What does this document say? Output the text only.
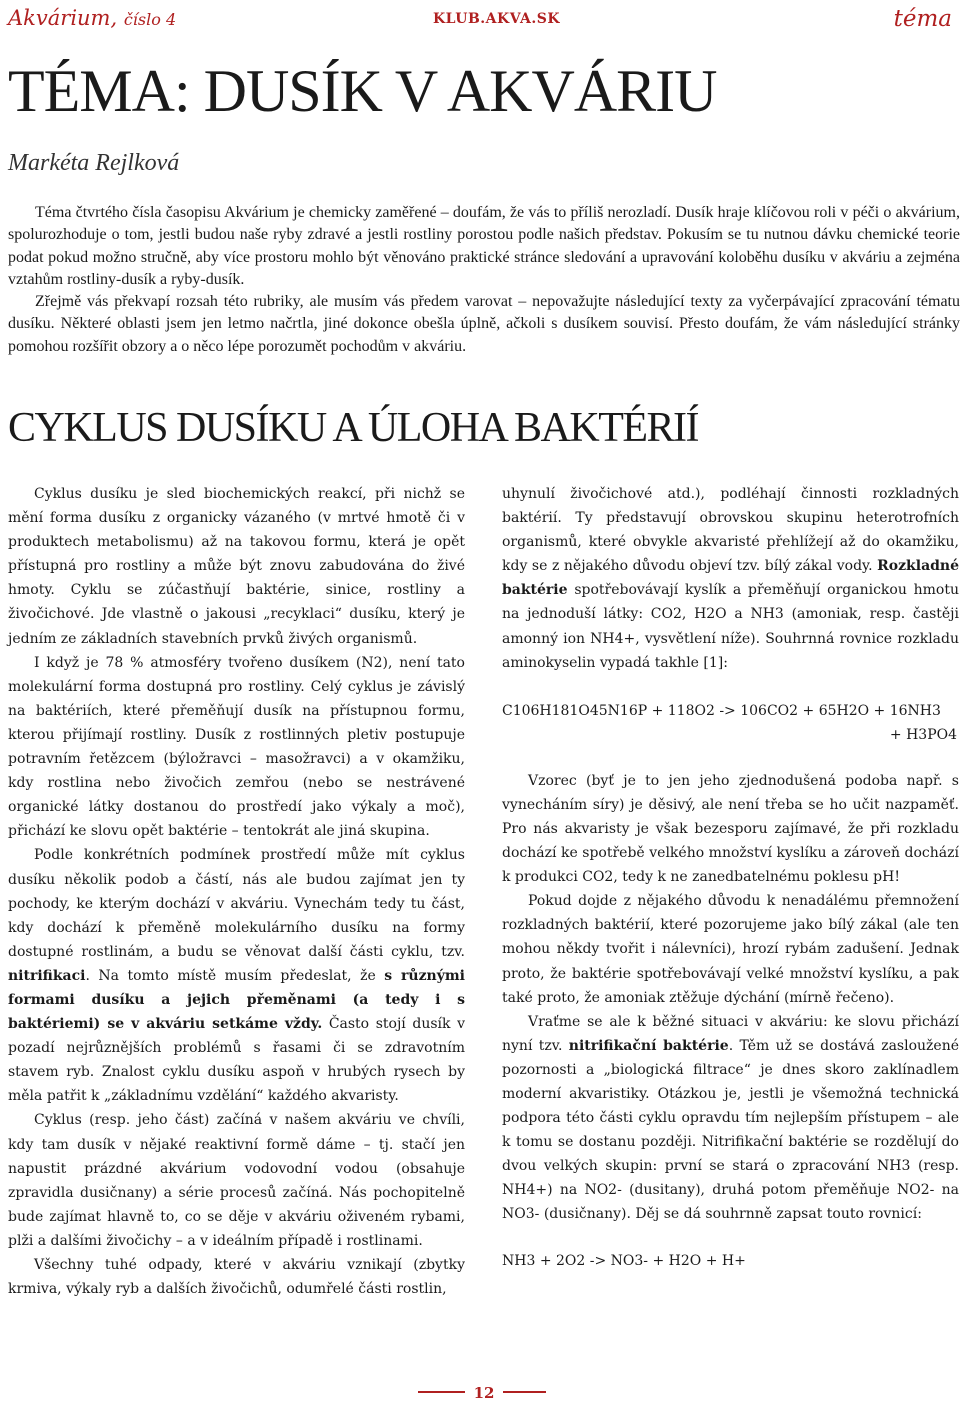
Akvárium, číslo 4	KLUB.AKVA.SK	téma
TÉMA: DUSÍK V AKVÁRIU
Markéta Rejlková

Téma čtvrtého čísla časopisu Akvárium je chemicky zaměřené – doufám, že vás to příliš nerozladí. Dusík hraje klíčovou roli v péči o akvárium, spolurozhoduje o tom, jestli budou naše ryby zdravé a jestli rostliny porostou podle našich představ. Pokusím se tu nutnou dávku chemické teorie podat pokud možno stručně, aby více prostoru mohlo být věnováno praktické stránce sledování a upravování koloběhu dusíku v akváriu a zejména vztahům rostliny-dusík a ryby-dusík.

Zřejmě vás překvapí rozsah této rubriky, ale musím vás předem varovat – nepovažujte následující texty za vyčerpávající zpracování tématu dusíku. Některé oblasti jsem jen letmo načrtla, jiné dokonce obešla úplně, ačkoli s dusíkem souvisí. Přesto doufám, že vám následující stránky pomohou rozšířit obzory a o něco lépe porozumět pochodům v akváriu.

CYKLUS DUSÍKU A ÚLOHA BAKTÉRIÍ

Cyklus dusíku je sled biochemických reakcí, při nichž se mění forma dusíku z organicky vázaného (v mrtvé hmotě či v produktech metabolismu) až na takovou formu, která je opět přístupná pro rostliny a může být znovu zabudována do živé hmoty. Cyklu se zúčastňují baktérie, sinice, rostliny a živočichové. Jde vlastně o jakousi „recyklaci“ dusíku, který je jedním ze základních stavebních prvků živých organismů.

I když je 78 % atmosféry tvořeno dusíkem (N2), není tato molekulární forma dostupná pro rostliny. Celý cyklus je závislý na baktériích, které přeměňují dusík na přístupnou formu, kterou přijímají rostliny. Dusík z rostlinných pletiv postupuje potravním řetězcem (býložravci – masožravci) a v okamžiku, kdy rostlina nebo živočich zemřou (nebo se nestrávené organické látky dostanou do prostředí jako výkaly a moč), přichází ke slovu opět baktérie – tentokrát ale jiná skupina.

Podle konkrétních podmínek prostředí může mít cyklus dusíku několik podob a částí, nás ale budou zajímat jen ty pochody, ke kterým dochází v akváriu. Vynechám tedy tu část, kdy dochází k přeměně molekulárního dusíku na formy dostupné rostlinám, a budu se věnovat další části cyklu, tzv. nitrifikaci. Na tomto místě musím předeslat, že s různými formami dusíku a jejich přeměnami (a tedy i s baktériemi) se v akváriu setkáme vždy. Často stojí dusík v pozadí nejrůznějších problémů s řasami či se zdravotním stavem ryb. Znalost cyklu dusíku aspoň v hrubých rysech by měla patřit k „základnímu vzdělání“ každého akvaristy.

Cyklus (resp. jeho část) začíná v našem akváriu ve chvíli, kdy tam dusík v nějaké reaktivní formě dáme – tj. stačí jen napustit prázdné akvárium vodovodní vodou (obsahuje zpravidla dusičnany) a série procesů začíná. Nás pochopitelně bude zajímat hlavně to, co se děje v akváriu oživeném rybami, plži a dalšími živočichy – a v ideálním případě i rostlinami.

Všechny tuhé odpady, které v akváriu vznikají (zbytky krmiva, výkaly ryb a dalších živočichů, odumřelé části rostlin,

uhynulí živočichové atd.), podléhají činnosti rozkladných baktérií. Ty představují obrovskou skupinu heterotrofních organismů, které obvykle akvaristé přehlížejí až do okamžiku, kdy se z nějakého důvodu objeví tzv. bílý zákal vody. Rozkladné baktérie spotřebovávají kyslík a přeměňují organickou hmotu na jednoduší látky: CO2, H2O a NH3 (amoniak, resp. častěji amonný ion NH4+, vysvětlení níže). Souhrnná rovnice rozkladu aminokyselin vypadá takhle [1]:

C106H181O45N16P + 118O2 -> 106CO2 + 65H2O + 16NH3
+ H3PO4

Vzorec (byť je to jen jeho zjednodušená podoba např. s vynecháním síry) je děsivý, ale není třeba se ho učit nazpaměť. Pro nás akvaristy je však bezesporu zajímavé, že při rozkladu dochází ke spotřebě velkého množství kyslíku a zároveň dochází k produkci CO2, tedy k ne zanedbatelnému poklesu pH!

Pokud dojde z nějakého důvodu k nenadálému přemnožení rozkladných baktérií, které pozorujeme jako bílý zákal (ale ten mohou někdy tvořit i nálevníci), hrozí rybám zadušení. Jednak proto, že baktérie spotřebovávají velké množství kyslíku, a pak také proto, že amoniak ztěžuje dýchání (mírně řečeno).

Vraťme se ale k běžné situaci v akváriu: ke slovu přichází nyní tzv. nitrifikační baktérie. Těm už se dostává zasloužené pozornosti a „biologická filtrace“ je dnes skoro zaklínadlem moderní akvaristiky. Otázkou je, jestli je všemožná technická podpora této části cyklu opravdu tím nejlepším přístupem – ale k tomu se dostanu později. Nitrifikační baktérie se rozdělují do dvou velkých skupin: první se stará o zpracování NH3 (resp. NH4+) na NO2- (dusitany), druhá potom přeměňuje NO2- na NO3- (dusičnany). Děj se dá souhrnně zapsat touto rovnicí:

NH3 + 2O2 -> NO3- + H2O + H+

12
